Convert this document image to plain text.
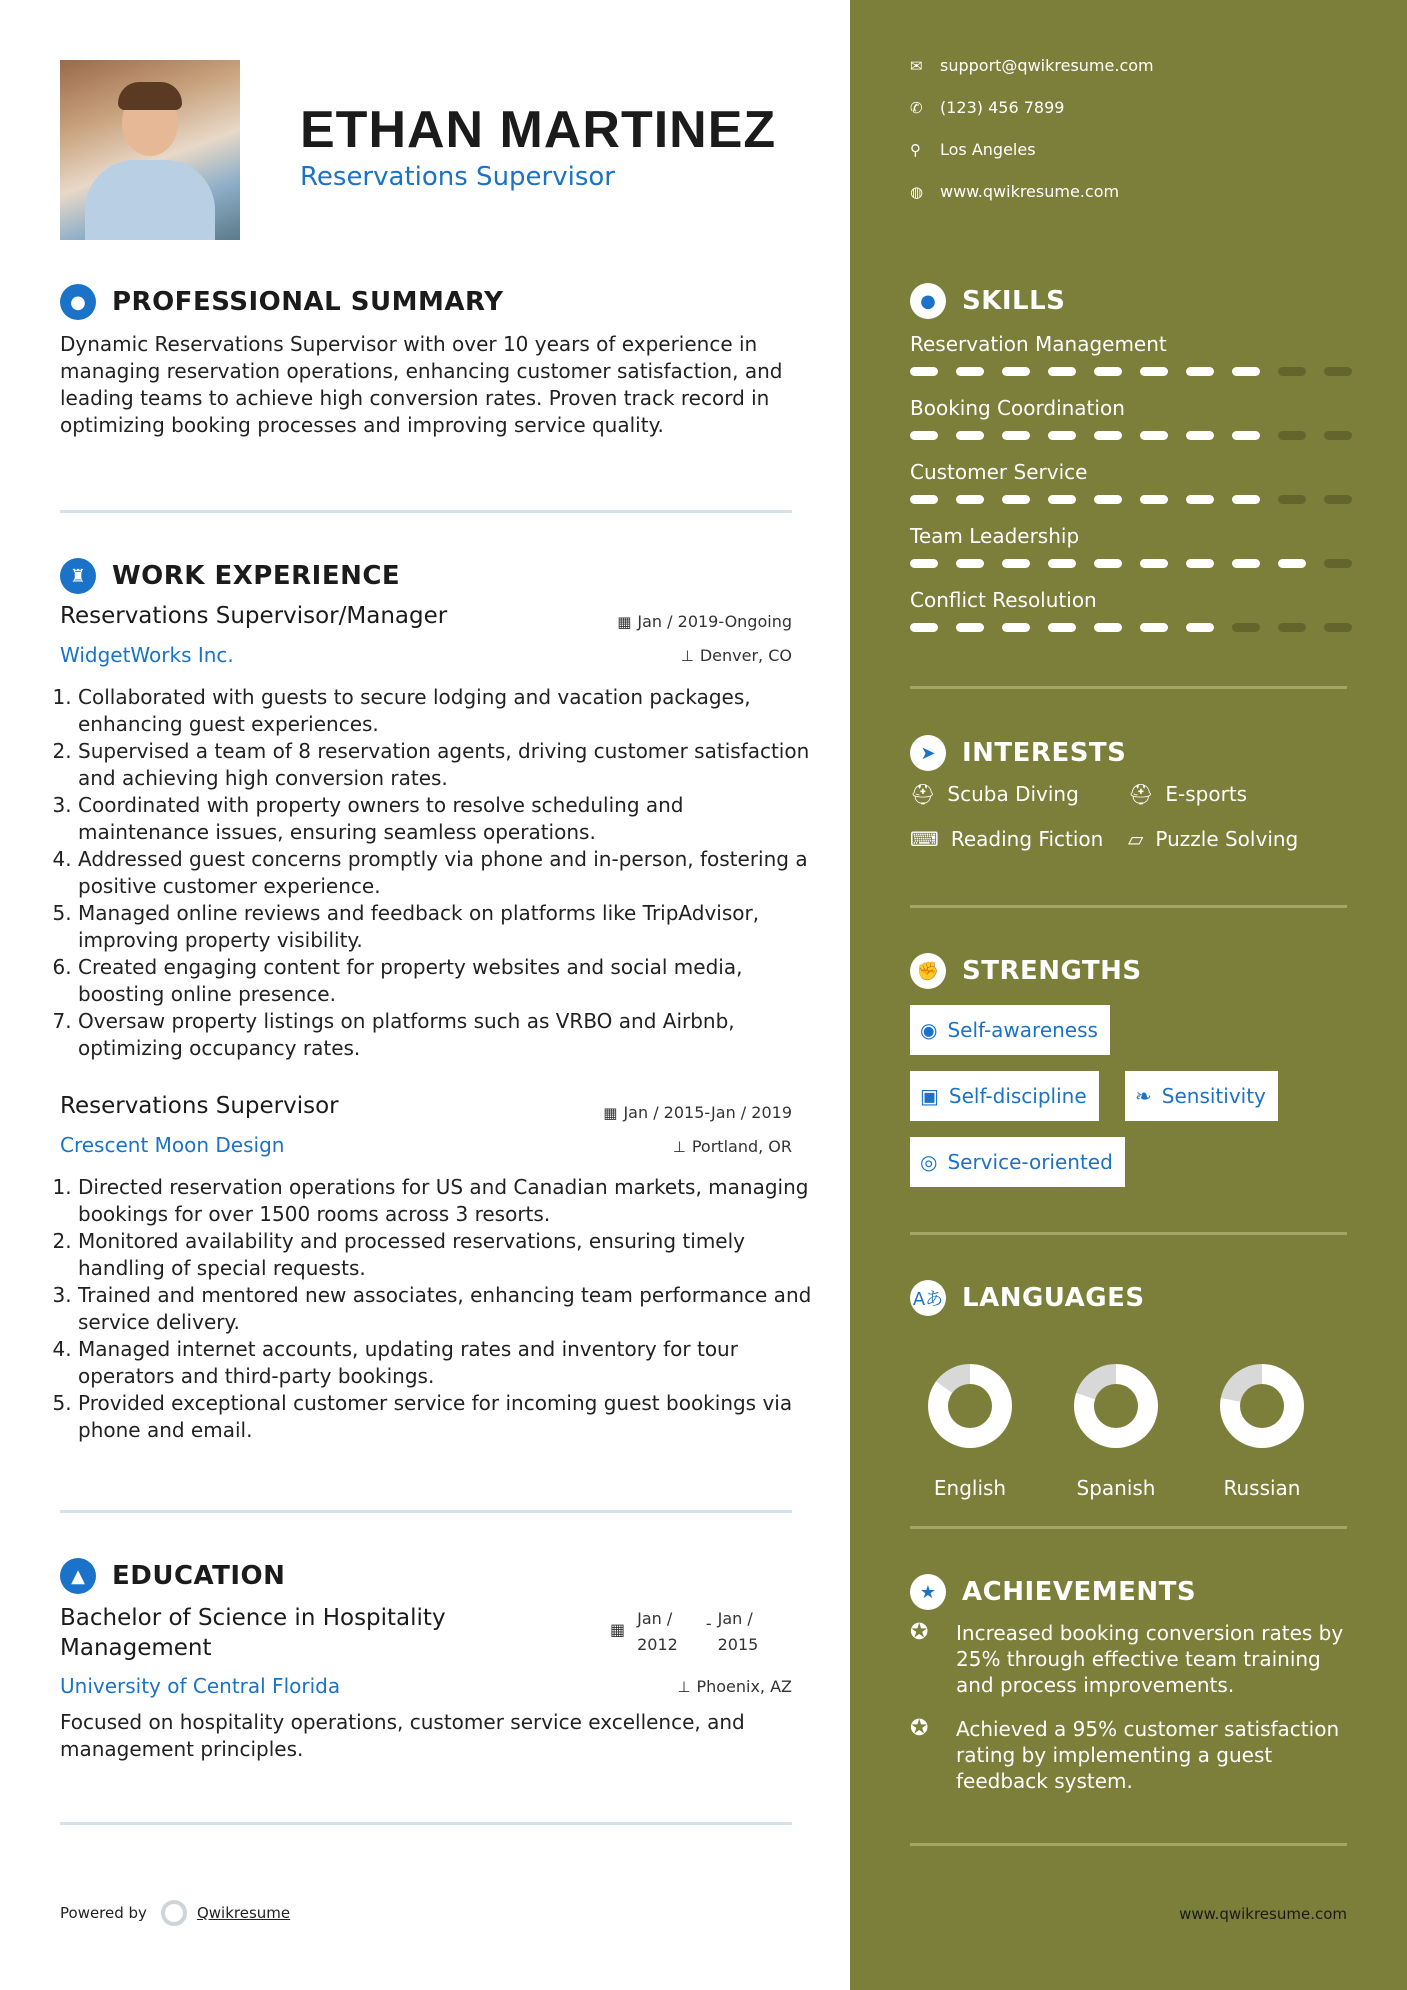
ETHAN MARTINEZ
Reservations Supervisor
●	PROFESSIONAL SUMMARY
Dynamic Reservations Supervisor with over 10 years of experience in managing reservation operations, enhancing customer satisfaction, and leading teams to achieve high conversion rates. Proven track record in optimizing booking processes and improving service quality.
♜ WORK EXPERIENCE
Reservations Supervisor/Manager	▦ Jan / 2019-Ongoing
WidgetWorks Inc.	⊥ Denver, CO
1. Collaborated with guests to secure lodging and vacation packages, enhancing guest experiences.
2. Supervised a team of 8 reservation agents, driving customer satisfaction and achieving high conversion rates.
3. Coordinated with property owners to resolve scheduling and maintenance issues, ensuring seamless operations.
4. Addressed guest concerns promptly via phone and in-person, fostering a positive customer experience.
5. Managed online reviews and feedback on platforms like TripAdvisor, improving property visibility.
6. Created engaging content for property websites and social media, boosting online presence.
7. Oversaw property listings on platforms such as VRBO and Airbnb, optimizing occupancy rates.
Reservations Supervisor	▦ Jan / 2015-Jan / 2019
Crescent Moon Design	⊥ Portland, OR
1. Directed reservation operations for US and Canadian markets, managing bookings for over 1500 rooms across 3 resorts.
2. Monitored availability and processed reservations, ensuring timely handling of special requests.
3. Trained and mentored new associates, enhancing team performance and service delivery.
4. Managed internet accounts, updating rates and inventory for tour operators and third-party bookings.
5. Provided exceptional customer service for incoming guest bookings via phone and email.
▲	EDUCATION
Bachelor of Science in Hospitality
Management
▦
Jan /
2012
- Jan /
2015
University of Central Florida	⊥ Phoenix, AZ
Focused on hospitality operations, customer service excellence, and management principles.
Powered by	Qwikresume
✉	support@qwikresume.com
✆	(123) 456 7899
⚲	Los Angeles
◍	www.qwikresume.com
●	SKILLS
Reservation Management
Booking Coordination
Customer Service
Team Leadership
Conflict Resolution
➤	INTERESTS
⛑ Scuba Diving ⛑ E-sports
⌨ Reading Fiction ▱ Puzzle Solving
✊ STRENGTHS
◉ Self-awareness
▣ Self-discipline ❧ Sensitivity
◎ Service-oriented
Aあ LANGUAGES
English	Spanish	Russian
★ ACHIEVEMENTS
✪	Increased booking conversion rates by 25% through effective team training and process improvements.
✪	Achieved a 95% customer satisfaction rating by implementing a guest feedback system.
www.qwikresume.com
